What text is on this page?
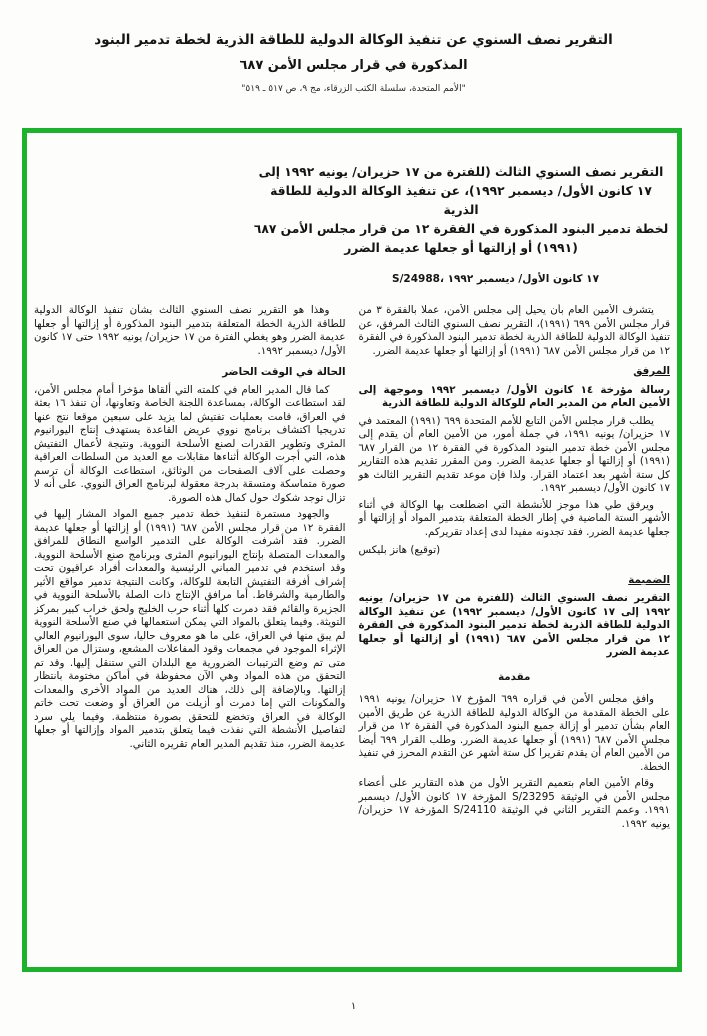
التقرير نصف السنوي عن تنفيذ الوكالة الدولية للطاقة الذرية لخطة تدمير البنود
المذكورة في قرار مجلس الأمن ٦٨٧
"الأمم المتحدة، سلسلة الكتب الزرقاء، مج ٩، ص ٥١٧ ـ ٥١٩"
التقرير نصف السنوي الثالث (للفترة من ١٧ حزيران/ يونيه ١٩٩٢ إلى
١٧ كانون الأول/ ديسمبر ١٩٩٢)، عن تنفيذ الوكالة الدولية للطاقة الذرية
لخطة تدمير البنود المذكورة في الفقرة ١٢ من قرار مجلس الأمن ٦٨٧
(١٩٩١) أو إزالتها أو جعلها عديمة الضرر
S/24988، ١٧ كانون الأول/ ديسمبر ١٩٩٢

يتشرف الأمين العام بأن يحيل إلى مجلس الأمن، عملا بالفقرة ٣ من قرار مجلس الأمن ٦٩٩ (١٩٩١)، التقرير نصف السنوي الثالث المرفق، عن تنفيذ الوكالة الدولية للطاقة الذرية لخطة تدمير البنود المذكورة في الفقرة ١٢ من قرار مجلس الأمن ٦٨٧ (١٩٩١) أو إزالتها أو جعلها عديمة الضرر.

المرفق
رسالة مؤرخة ١٤ كانون الأول/ ديسمبر ١٩٩٢ وموجهة إلى الأمين العام من المدير العام للوكالة الدولية للطاقة الذرية

يطلب قرار مجلس الأمن التابع للأمم المتحدة ٦٩٩ (١٩٩١) المعتمد في ١٧ حزيران/ يونيه ١٩٩١، في جملة أمور، من الأمين العام أن يقدم إلى مجلس الأمن خطة تدمير البنود المذكورة في الفقرة ١٢ من القرار ٦٨٧ (١٩٩١) أو إزالتها أو جعلها عديمة الضرر. ومن المقرر تقديم هذه التقارير كل ستة أشهر بعد اعتماد القرار. ولذا فإن موعد تقديم التقرير الثالث هو ١٧ كانون الأول/ ديسمبر ١٩٩٢.

ويرفق طي هذا موجز للأنشطة التي اضطلعت بها الوكالة في أثناء الأشهر الستة الماضية في إطار الخطة المتعلقة بتدمير المواد أو إزالتها أو جعلها عديمة الضرر. فقد تجدونه مفيدا لدى إعداد تقريركم.

(توقيع) هانز بليكس
الضميمة
التقرير نصف السنوي الثالث (للفترة من ١٧ حزيران/ يونيه ١٩٩٢ إلى ١٧ كانون الأول/ ديسمبر ١٩٩٢) عن تنفيذ الوكالة الدولية للطاقة الذرية لخطة تدمير البنود المذكورة في الفقرة ١٢ من قرار مجلس الأمن ٦٨٧ (١٩٩١) أو إزالتها أو جعلها عديمة الضرر
مقدمة

وافق مجلس الأمن في قراره ٦٩٩ المؤرخ ١٧ حزيران/ يونيه ١٩٩١ على الخطة المقدمة من الوكالة الدولية للطاقة الذرية عن طريق الأمين العام بشأن تدمير أو إزالة جميع البنود المذكورة في الفقرة ١٢ من قرار مجلس الأمن ٦٨٧ (١٩٩١) أو جعلها عديمة الضرر. وطلب القرار ٦٩٩ أيضا من الأمين العام أن يقدم تقريرا كل ستة أشهر عن التقدم المحرز في تنفيذ الخطة.

وقام الأمين العام بتعميم التقرير الأول من هذه التقارير على أعضاء مجلس الأمن في الوثيقة S/23295 المؤرخة ١٧ كانون الأول/ ديسمبر ١٩٩١. وعمم التقرير الثاني في الوثيقة S/24110 المؤرخة ١٧ حزيران/ يونيه ١٩٩٢.

وهذا هو التقرير نصف السنوي الثالث بشأن تنفيذ الوكالة الدولية للطاقة الذرية الخطة المتعلقة بتدمير البنود المذكورة أو إزالتها أو جعلها عديمة الضرر وهو يغطي الفترة من ١٧ حزيران/ يونيه ١٩٩٢ حتى ١٧ كانون الأول/ ديسمبر ١٩٩٢.

الحالة في الوقت الحاضر

كما قال المدير العام في كلمته التي ألقاها مؤخرا أمام مجلس الأمن، لقد استطاعت الوكالة، بمساعدة اللجنة الخاصة وتعاونها، أن تنفذ ١٦ بعثة في العراق، قامت بعمليات تفتيش لما يزيد على سبعين موقعا نتج عنها تدريجيا اكتشاف برنامج نووي عريض القاعدة يستهدف إنتاج اليورانيوم المثرى وتطوير القدرات لصنع الأسلحة النووية. ونتيجة لأعمال التفتيش هذه، التي أجرت الوكالة أثناءها مقابلات مع العديد من السلطات العراقية وحصلت على آلاف الصفحات من الوثائق، استطاعت الوكالة أن ترسم صورة متماسكة ومتسقة بدرجة معقولة لبرنامج العراق النووي. على أنه لا تزال توجد شكوك حول كمال هذه الصورة.

والجهود مستمرة لتنفيذ خطة تدمير جميع المواد المشار إليها في الفقرة ١٢ من قرار مجلس الأمن ٦٨٧ (١٩٩١) أو إزالتها أو جعلها عديمة الضرر. فقد أشرفت الوكالة على التدمير الواسع النطاق للمرافق والمعدات المتصلة بإنتاج اليورانيوم المثرى وبرنامج صنع الأسلحة النووية. وقد استخدم في تدمير المباني الرئيسية والمعدات أفراد عراقيون تحت إشراف أفرقة التفتيش التابعة للوكالة، وكانت النتيجة تدمير مواقع الأثير والطارمية والشرقاط. أما مرافق الإنتاج ذات الصلة بالأسلحة النووية في الجزيرة والقائم فقد دمرت كلها أثناء حرب الخليج ولحق خراب كبير بمركز التويثة. وفيما يتعلق بالمواد التي يمكن استعمالها في صنع الأسلحة النووية لم يبق منها في العراق، على ما هو معروف حاليا، سوى اليورانيوم العالي الإثراء الموجود في مجمعات وقود المفاعلات المشعع، وستزال من العراق متى تم وضع الترتيبات الضرورية مع البلدان التي ستنقل إليها. وقد تم التحقق من هذه المواد وهي الآن محفوظة في أماكن مختومة بانتظار إزالتها. وبالإضافة إلى ذلك، هناك العديد من المواد الأخرى والمعدات والمكونات التي إما دمرت أو أزيلت من العراق أو وضعت تحت خاتم الوكالة في العراق وتخضع للتحقق بصورة منتظمة. وفيما يلي سرد لتفاصيل الأنشطة التي نفذت فيما يتعلق بتدمير المواد وإزالتها أو جعلها عديمة الضرر، منذ تقديم المدير العام تقريره الثاني.

١
